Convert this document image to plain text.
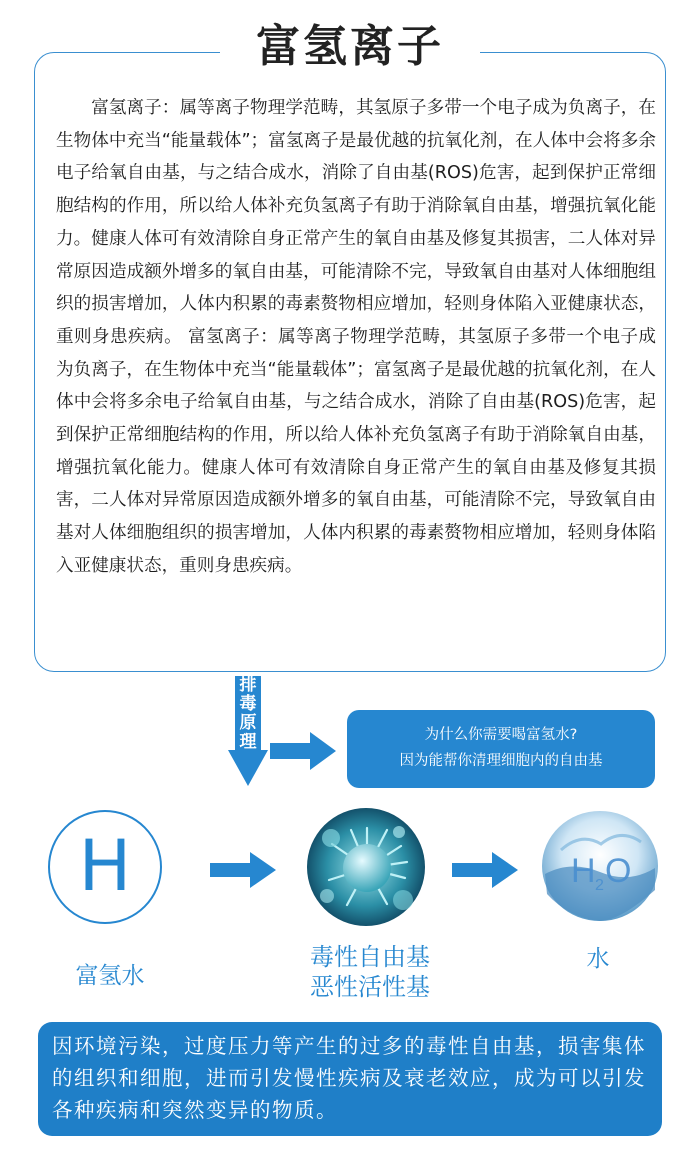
富氢离子

富氢离子：属等离子物理学范畴，其氢原子多带一个电子成为负离子，在生物体中充当“能量载体”；富氢离子是最优越的抗氧化剂，在人体中会将多余电子给氧自由基，与之结合成水，消除了自由基(ROS)危害，起到保护正常细胞结构的作用，所以给人体补充负氢离子有助于消除氧自由基，增强抗氧化能力。健康人体可有效清除自身正常产生的氧自由基及修复其损害，二人体对异常原因造成额外增多的氧自由基，可能清除不完，导致氧自由基对人体细胞组织的损害增加，人体内积累的毒素赘物相应增加，轻则身体陷入亚健康状态，重则身患疾病。 富氢离子：属等离子物理学范畴，其氢原子多带一个电子成为负离子，在生物体中充当“能量载体”；富氢离子是最优越的抗氧化剂，在人体中会将多余电子给氧自由基，与之结合成水，消除了自由基(ROS)危害，起到保护正常细胞结构的作用，所以给人体补充负氢离子有助于消除氧自由基，增强抗氧化能力。健康人体可有效清除自身正常产生的氧自由基及修复其损害，二人体对异常原因造成额外增多的氧自由基，可能清除不完，导致氧自由基对人体细胞组织的损害增加，人体内积累的毒素赘物相应增加，轻则身体陷入亚健康状态，重则身患疾病。

排毒原理	为什么你需要喝富氢水?
因为能帮你清理细胞内的自由基
H	H 2 O
富氢水
毒性自由基
恶性活性基
水
因环境污染，过度压力等产生的过多的毒性自由基，损害集体的组织和细胞，进而引发慢性疾病及衰老效应，成为可以引发各种疾病和突然变异的物质。
